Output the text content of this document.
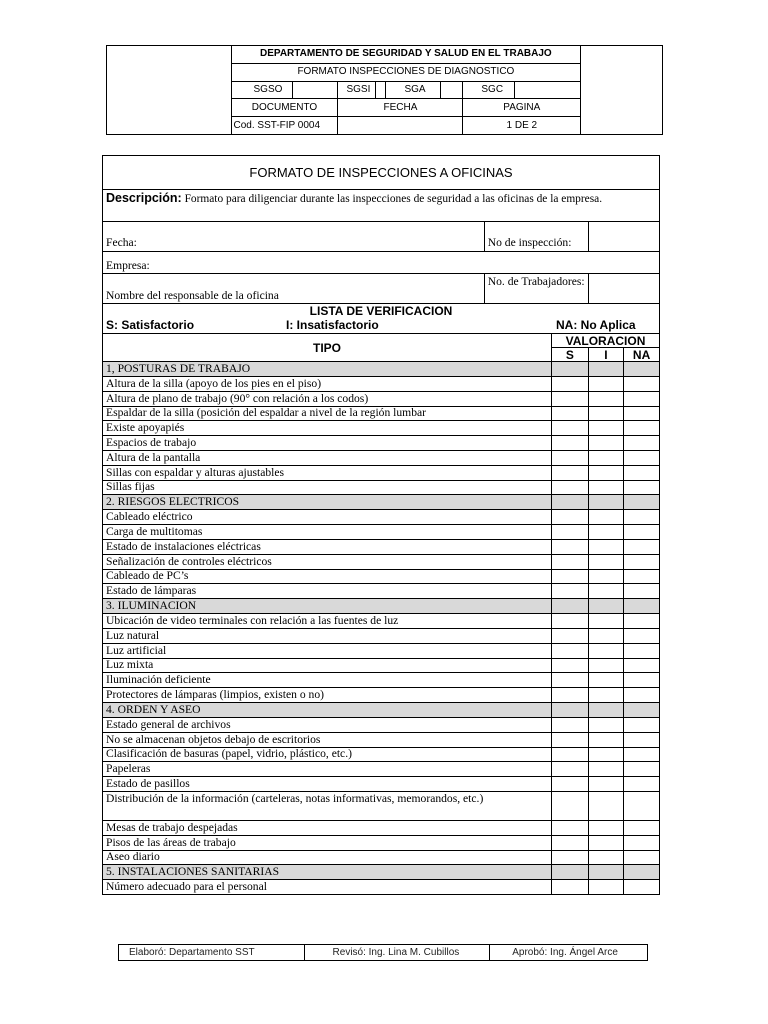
	DEPARTAMENTO DE SEGURIDAD Y SALUD EN EL TRABAJO								
	FORMATO INSPECCIONES DE DIAGNOSTICO								
	SGSO		SGSI		SGA		SGC		
	DOCUMENTO		FECHA				PAGINA		
	Cod. SST-FIP 0004						1 DE 2		
FORMATO DE INSPECCIONES A OFICINAS				
Descripción: Formato para diligenciar durante las inspecciones de seguridad a las oficinas de la empresa.				
Fecha:	No de inspección:			
Empresa:				
Nombre del responsable de la oficina	No. de Trabajadores:			
LISTA DE VERIFICACION				

S: Satisfactorio I: Insatisfactorio NA: No Aplica				

TIPO		VALORACION		
		S	I	NA
1, POSTURAS DE TRABAJO				
Altura de la silla (apoyo de los pies en el piso)				
Altura de plano de trabajo (90° con relación a los codos)				
Espaldar de la silla (posición del espaldar a nivel de la región lumbar				
Existe apoyapiés				
Espacios de trabajo				
Altura de la pantalla				
Sillas con espaldar y alturas ajustables				
Sillas fijas				
2. RIESGOS ELECTRICOS				
Cableado eléctrico				
Carga de multitomas				
Estado de instalaciones eléctricas				
Señalización de controles eléctricos				
Cableado de PC’s				
Estado de lámparas				
3. ILUMINACION				
Ubicación de video terminales con relación a las fuentes de luz				
Luz natural				
Luz artificial				
Luz mixta				
Iluminación deficiente				
Protectores de lámparas (limpios, existen o no)				
4. ORDEN Y ASEO				
Estado general de archivos				
No se almacenan objetos debajo de escritorios				
Clasificación de basuras (papel, vidrio, plástico, etc.)				
Papeleras				
Estado de pasillos				
Distribución de la información (carteleras, notas informativas, memorandos, etc.)				
Mesas de trabajo despejadas				
Pisos de las áreas de trabajo				
Aseo diario				
5. INSTALACIONES SANITARIAS				
Número adecuado para el personal				
Elaboró: Departamento SST	Revisó: Ing. Lina M. Cubillos	Aprobó: Ing. Ángel Arce
